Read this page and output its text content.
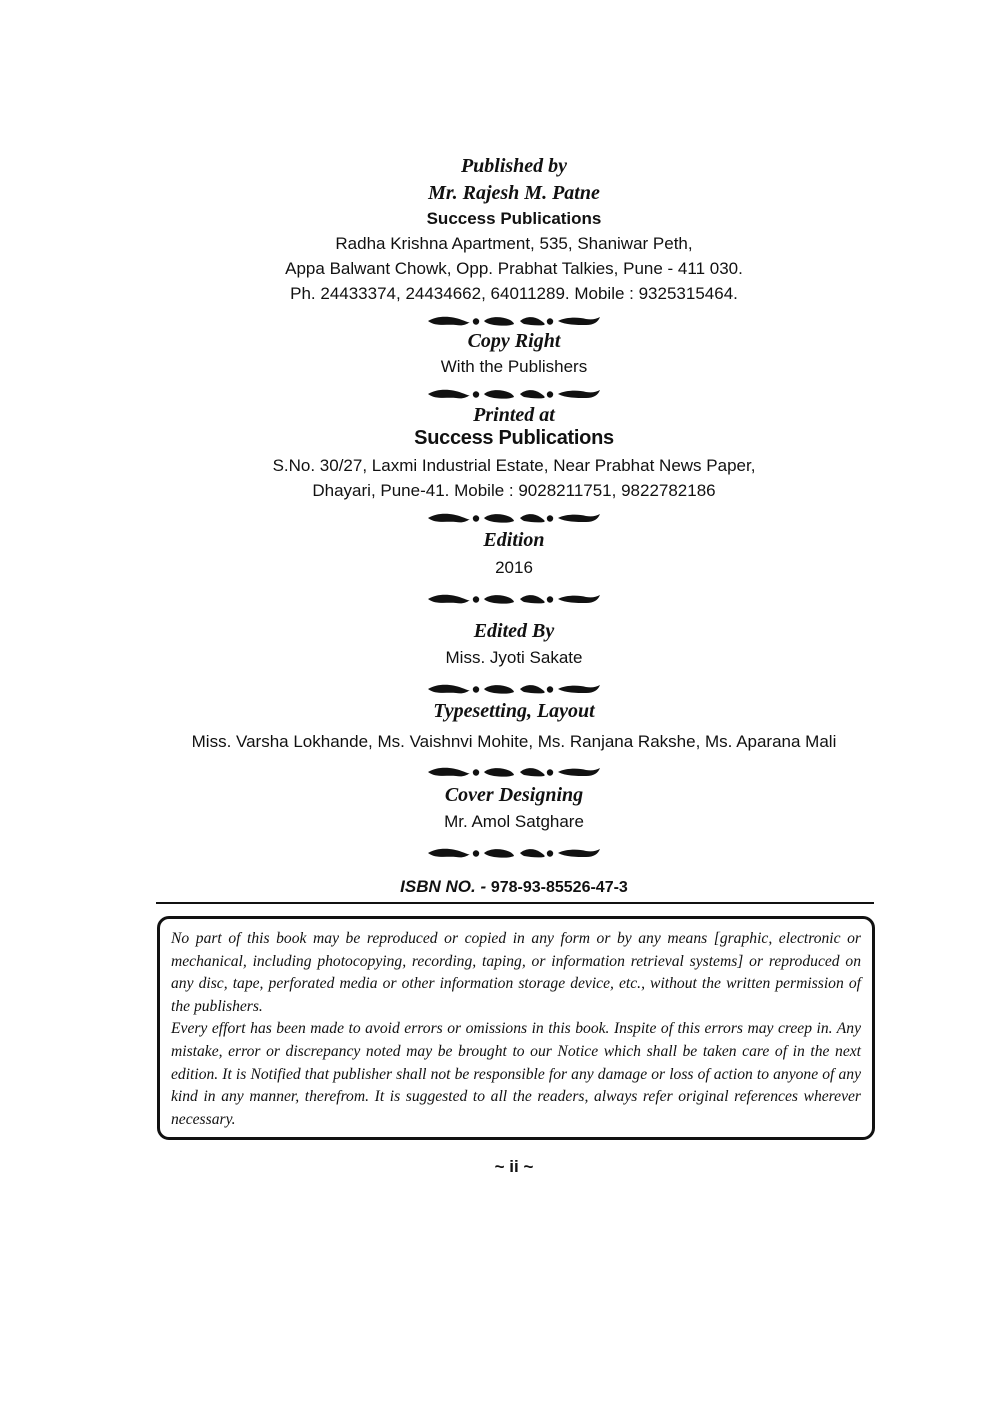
Published by
Mr. Rajesh M. Patne
Success Publications
Radha Krishna Apartment, 535, Shaniwar Peth,
Appa Balwant Chowk, Opp. Prabhat Talkies, Pune - 411 030.
Ph. 24433374, 24434662, 64011289. Mobile : 9325315464.
Copy Right
With the Publishers
Printed at
Success Publications
S.No. 30/27, Laxmi Industrial Estate, Near Prabhat News Paper,
Dhayari, Pune-41. Mobile : 9028211751, 9822782186
Edition
2016
Edited By
Miss. Jyoti Sakate
Typesetting, Layout
Miss. Varsha Lokhande, Ms. Vaishnvi Mohite, Ms. Ranjana Rakshe, Ms. Aparana Mali
Cover Designing
Mr. Amol Satghare
ISBN NO. - 978-93-85526-47-3

No part of this book may be reproduced or copied in any form or by any means [graphic, electronic or mechanical, including photocopying, recording, taping, or information retrieval systems] or reproduced on any disc, tape, perforated media or other information storage device, etc., without the written permission of the publishers.

Every effort has been made to avoid errors or omissions in this book. Inspite of this errors may creep in. Any mistake, error or discrepancy noted may be brought to our Notice which shall be taken care of in the next edition. It is Notified that publisher shall not be responsible for any damage or loss of action to anyone of any kind in any manner, therefrom. It is suggested to all the readers, always refer original references wherever necessary.

~ ii ~
